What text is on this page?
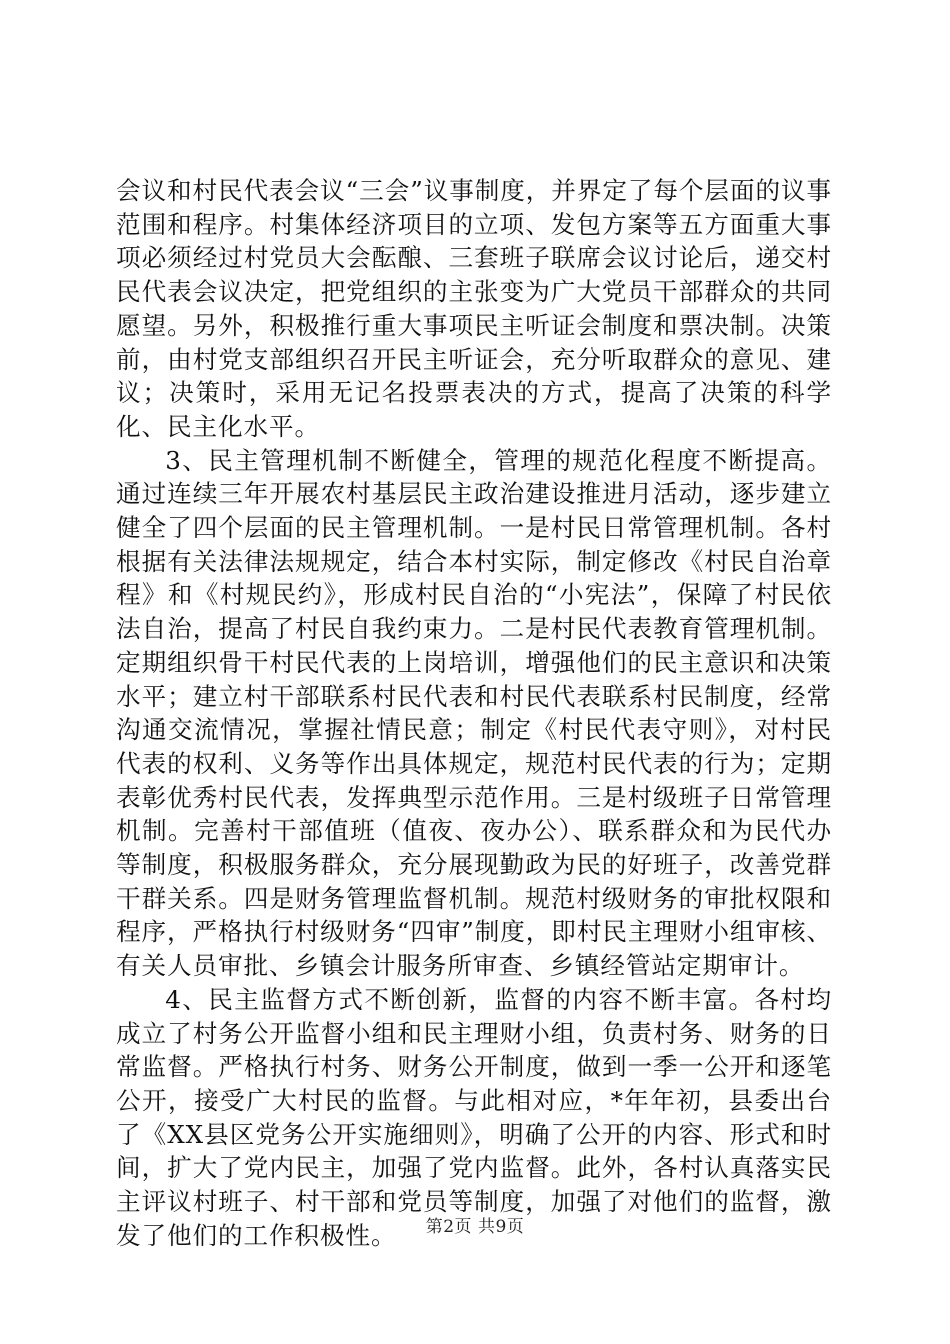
会议和村民代表会议“三会”议事制度，并界定了每个层面的议事范围和程序。村集体经济项目的立项、发包方案等五方面重大事项必须经过村党员大会酝酿、三套班子联席会议讨论后，递交村民代表会议决定，把党组织的主张变为广大党员干部群众的共同愿望。另外，积极推行重大事项民主听证会制度和票决制。决策前，由村党支部组织召开民主听证会，充分听取群众的意见、建议；决策时，采用无记名投票表决的方式，提高了决策的科学化、民主化水平。

3、民主管理机制不断健全，管理的规范化程度不断提高。通过连续三年开展农村基层民主政治建设推进月活动，逐步建立健全了四个层面的民主管理机制。一是村民日常管理机制。各村根据有关法律法规规定，结合本村实际，制定修改《村民自治章程》和《村规民约》，形成村民自治的“小宪法”，保障了村民依法自治，提高了村民自我约束力。二是村民代表教育管理机制。定期组织骨干村民代表的上岗培训，增强他们的民主意识和决策水平；建立村干部联系村民代表和村民代表联系村民制度，经常沟通交流情况，掌握社情民意；制定《村民代表守则》，对村民代表的权利、义务等作出具体规定，规范村民代表的行为；定期表彰优秀村民代表，发挥典型示范作用。三是村级班子日常管理机制。完善村干部值班（值夜、夜办公）、联系群众和为民代办等制度，积极服务群众，充分展现勤政为民的好班子，改善党群干群关系。四是财务管理监督机制。规范村级财务的审批权限和程序，严格执行村级财务“四审”制度，即村民主理财小组审核、有关人员审批、乡镇会计服务所审查、乡镇经管站定期审计。

4、民主监督方式不断创新，监督的内容不断丰富。各村均成立了村务公开监督小组和民主理财小组，负责村务、财务的日常监督。严格执行村务、财务公开制度，做到一季一公开和逐笔公开，接受广大村民的监督。与此相对应，*年年初，县委出台了《XX县区党务公开实施细则》，明确了公开的内容、形式和时间，扩大了党内民主，加强了党内监督。此外，各村认真落实民主评议村班子、村干部和党员等制度，加强了对他们的监督，激发了他们的工作积极性。	第2页 共9页
